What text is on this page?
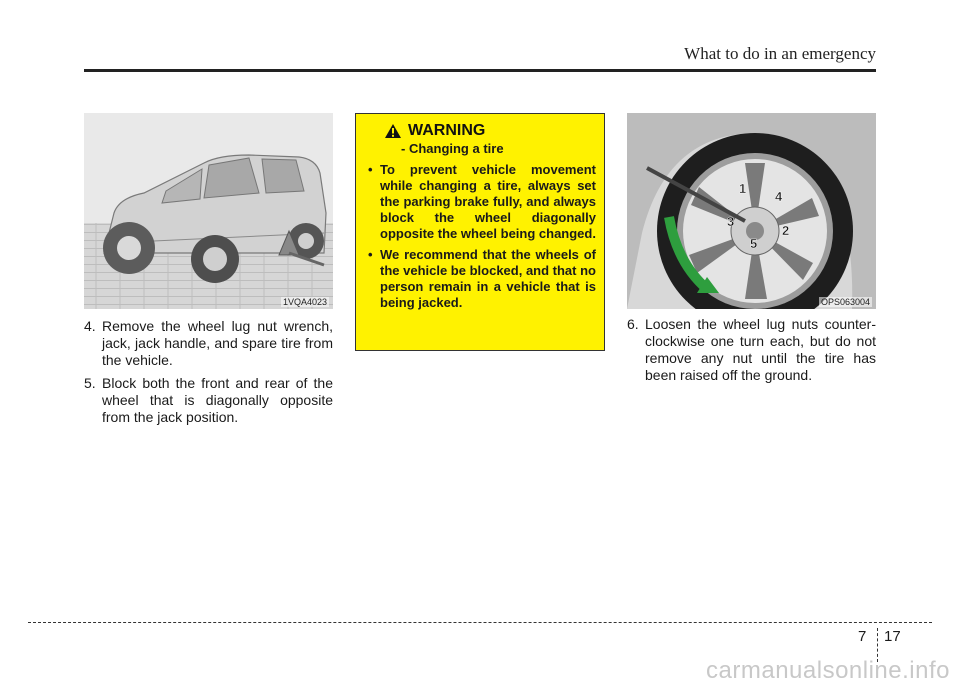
What to do in an emergency
1VQA4023
4. Remove the wheel lug nut wrench, jack, jack handle, and spare tire from the vehicle.
5. Block both the front and rear of the wheel that is diagonally opposite from the jack position.
WARNING
- Changing a tire
• To prevent vehicle movement while changing a tire, always set the parking brake fully, and always block the wheel diagonally opposite the wheel being changed.
• We recommend that the wheels of the vehicle be blocked, and that no person remain in a vehicle that is being jacked.
1
2
3
4
5
OPS063004
6. Loosen the wheel lug nuts counter-clockwise one turn each, but do not remove any nut until the tire has been raised off the ground.
7 17
carmanualsonline.info
